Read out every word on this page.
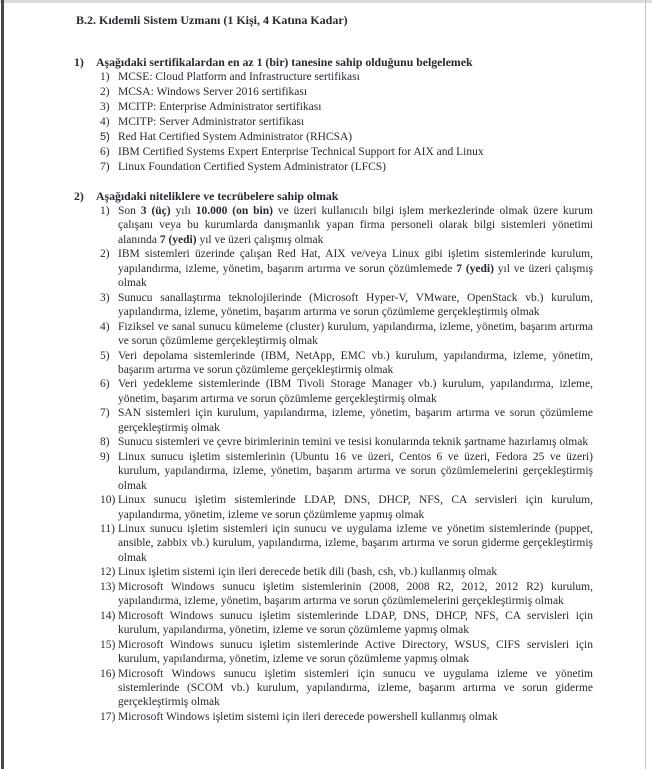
B.2. Kıdemli Sistem Uzmanı (1 Kişi, 4 Katına Kadar)
1)	Aşağıdaki sertifikalardan en az 1 (bir) tanesine sahip olduğunu belgelemek
1) MCSE: Cloud Platform and Infrastructure sertifikası
2) MCSA: Windows Server 2016 sertifikası
3) MCITP: Enterprise Administrator sertifikası
4) MCITP: Server Administrator sertifikası
5) Red Hat Certified System Administrator (RHCSA)
6) IBM Certified Systems Expert Enterprise Technical Support for AIX and Linux
7) Linux Foundation Certified System Administrator (LFCS)
2)	Aşağıdaki niteliklere ve tecrübelere sahip olmak
1) Son 3 (üç) yılı 10.000 (on bin) ve üzeri kullanıcılı bilgi işlem merkezlerinde olmak üzere kurum çalışanı veya bu kurumlarda danışmanlık yapan firma personeli olarak bilgi sistemleri yönetimi alanında 7 (yedi) yıl ve üzeri çalışmış olmak
2) IBM sistemleri üzerinde çalışan Red Hat, AIX ve/veya Linux gibi işletim sistemlerinde kurulum, yapılandırma, izleme, yönetim, başarım artırma ve sorun çözümlemede 7 (yedi) yıl ve üzeri çalışmış olmak
3) Sunucu sanallaştırma teknolojilerinde (Microsoft Hyper-V, VMware, OpenStack vb.) kurulum, yapılandırma, izleme, yönetim, başarım artırma ve sorun çözümleme gerçekleştirmiş olmak
4) Fiziksel ve sanal sunucu kümeleme (cluster) kurulum, yapılandırma, izleme, yönetim, başarım artırma ve sorun çözümleme gerçekleştirmiş olmak
5) Veri depolama sistemlerinde (IBM, NetApp, EMC vb.) kurulum, yapılandırma, izleme, yönetim, başarım artırma ve sorun çözümleme gerçekleştirmiş olmak
6) Veri yedekleme sistemlerinde (IBM Tivoli Storage Manager vb.) kurulum, yapılandırma, izleme, yönetim, başarım artırma ve sorun çözümleme gerçekleştirmiş olmak
7) SAN sistemleri için kurulum, yapılandırma, izleme, yönetim, başarım artırma ve sorun çözümleme gerçekleştirmiş olmak
8) Sunucu sistemleri ve çevre birimlerinin temini ve tesisi konularında teknik şartname hazırlamış olmak
9) Linux sunucu işletim sistemlerinin (Ubuntu 16 ve üzeri, Centos 6 ve üzeri, Fedora 25 ve üzeri) kurulum, yapılandırma, izleme, yönetim, başarım artırma ve sorun çözümlemelerini gerçekleştirmiş olmak
10) Linux sunucu işletim sistemlerinde LDAP, DNS, DHCP, NFS, CA servisleri için kurulum, yapılandırma, yönetim, izleme ve sorun çözümleme yapmış olmak
11) Linux sunucu işletim sistemleri için sunucu ve uygulama izleme ve yönetim sistemlerinde (puppet, ansible, zabbix vb.) kurulum, yapılandırma, izleme, başarım artırma ve sorun giderme gerçekleştirmiş olmak
12) Linux işletim sistemi için ileri derecede betik dili (bash, csh, vb.) kullanmış olmak
13) Microsoft Windows sunucu işletim sistemlerinin (2008, 2008 R2, 2012, 2012 R2) kurulum, yapılandırma, izleme, yönetim, başarım artırma ve sorun çözümlemelerini gerçekleştirmiş olmak
14) Microsoft Windows sunucu işletim sistemlerinde LDAP, DNS, DHCP, NFS, CA servisleri için kurulum, yapılandırma, yönetim, izleme ve sorun çözümleme yapmış olmak
15) Microsoft Windows sunucu işletim sistemlerinde Active Directory, WSUS, CIFS servisleri için kurulum, yapılandırma, yönetim, izleme ve sorun çözümleme yapmış olmak
16) Microsoft Windows sunucu işletim sistemleri için sunucu ve uygulama izleme ve yönetim sistemlerinde (SCOM vb.) kurulum, yapılandırma, izleme, başarım artırma ve sorun giderme gerçekleştirmiş olmak
17) Microsoft Windows işletim sistemi için ileri derecede powershell kullanmış olmak
